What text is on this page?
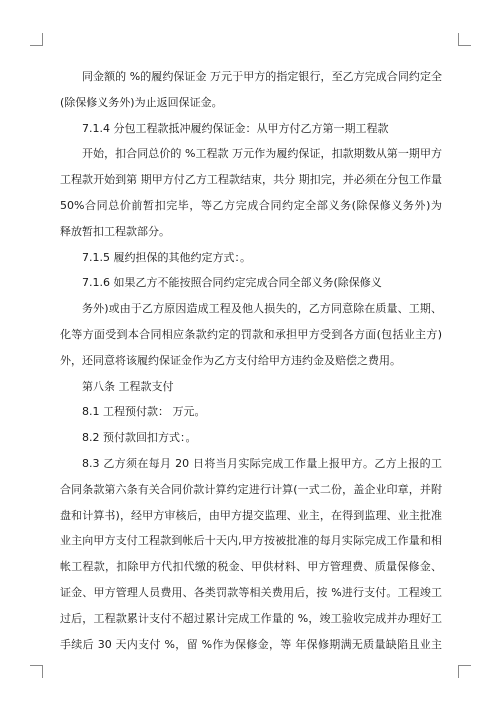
同金额的 %的履约保证金 万元于甲方的指定银行，至乙方完成合同约定全
(除保修义务外)为止返回保证金。
7.1.4 分包工程款抵冲履约保证金：从甲方付乙方第一期工程款
开始，扣合同总价的 %工程款 万元作为履约保证，扣款期数从第一期甲方
工程款开始到第 期甲方付乙方工程款结束，共分 期扣完，并必须在分包工作量
50%合同总价前暂扣完毕，等乙方完成合同约定全部义务(除保修义务外)为
释放暂扣工程款部分。
7.1.5 履约担保的其他约定方式：。
7.1.6 如果乙方不能按照合同约定完成合同全部义务(除保修义
务外)或由于乙方原因造成工程及他人损失的，乙方同意除在质量、工期、
化等方面受到本合同相应条款约定的罚款和承担甲方受到各方面(包括业主方)
外，还同意将该履约保证金作为乙方支付给甲方违约金及赔偿之费用。
第八条 工程款支付
8.1 工程预付款： 万元。
8.2 预付款回扣方式：。
8.3 乙方须在每月 20 日将当月实际完成工作量上报甲方。乙方上报的工
合同条款第六条有关合同价款计算约定进行计算(一式二份，盖企业印章，并附
盘和计算书)，经甲方审核后，由甲方提交监理、业主，在得到监理、业主批准
业主向甲方支付工程款到帐后十天内,甲方按被批准的每月实际完成工作量和相
帐工程款，扣除甲方代扣代缴的税金、甲供材料、甲方管理费、质量保修金、
证金、甲方管理人员费用、各类罚款等相关费用后，按 %进行支付。工程竣工
过后，工程款累计支付不超过累计完成工作量的 %，竣工验收完成并办理好工
手续后 30 天内支付 %，留 %作为保修金，等 年保修期满无质量缺陷且业主
